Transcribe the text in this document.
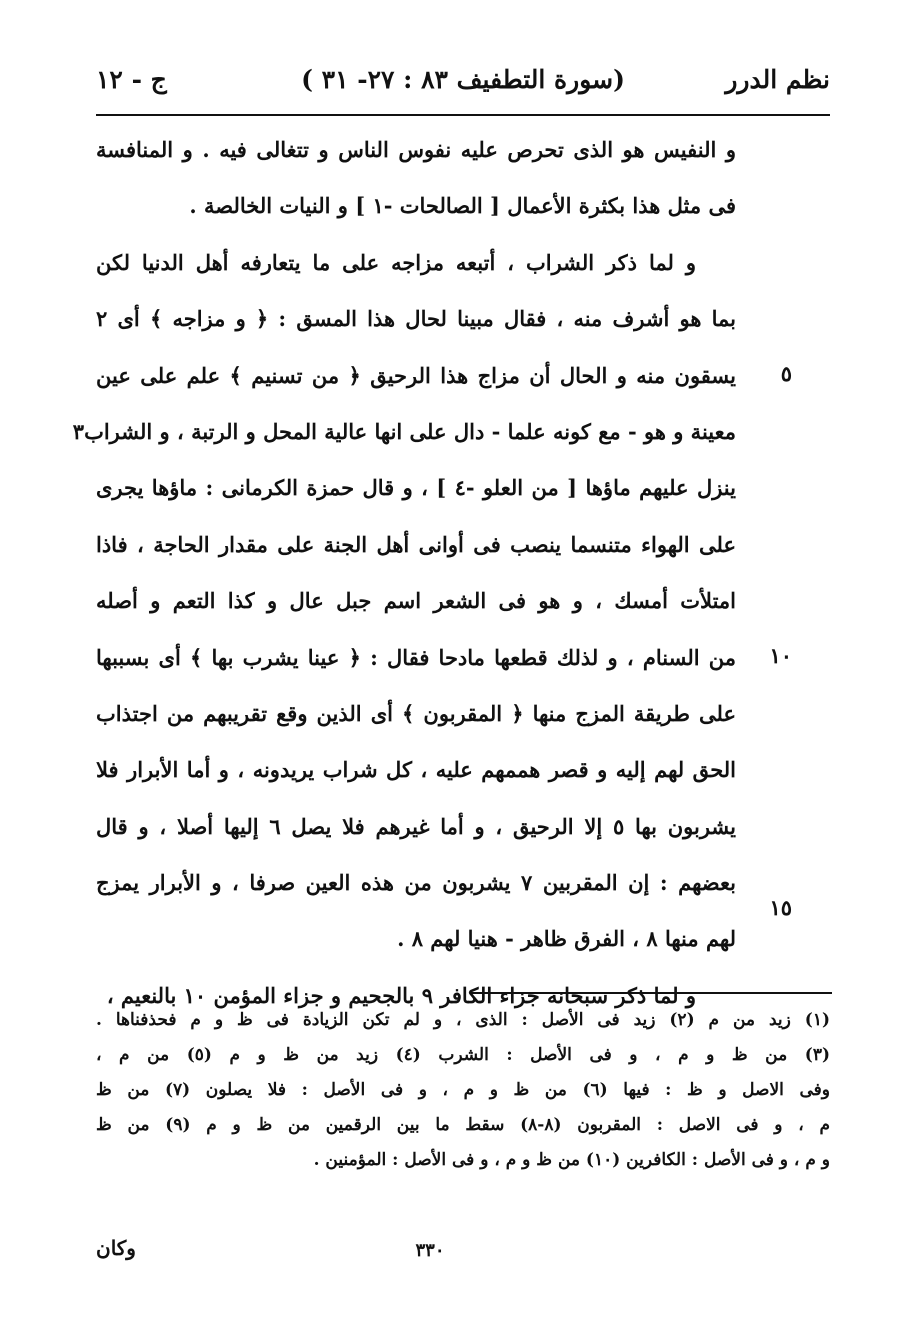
نظم الدرر
(سورة التطفيف ٨٣ : ٢٧- ٣١ )
ج - ١٢
و النفيس هو الذى تحرص عليه نفوس الناس و تتغالى فيه . و المنافسة
فى مثل هذا بكثرة الأعمال [ الصالحات -١ ] و النيات الخالصة .
و لما ذكر الشراب ، أتبعه مزاجه على ما يتعارفه أهل الدنيا لكن
بما هو أشرف منه ، فقال مبينا لحال هذا المسق : ﴿ و مزاجه ﴾ أى ٢
يسقون منه و الحال أن مزاج هذا الرحيق ﴿ من تسنيم ﴾ علم على عين
معينة و هو - مع كونه علما - دال على انها عالية المحل و الرتبة ، و الشراب٣
ينزل عليهم ماؤها [ من العلو -٤ ] ، و قال حمزة الكرمانى : ماؤها يجرى
على الهواء متنسما ينصب فى أوانى أهل الجنة على مقدار الحاجة ، فاذا
امتلأت أمسك ، و هو فى الشعر اسم جبل عال و كذا التعم و أصله
من السنام ، و لذلك قطعها مادحا فقال : ﴿ عينا يشرب بها ﴾ أى بسببها
على طريقة المزج منها ﴿ المقربون ﴾ أى الذين وقع تقريبهم من اجتذاب
الحق لهم إليه و قصر هممهم عليه ، كل شراب يريدونه ، و أما الأبرار فلا
يشربون بها ٥ إلا الرحيق ، و أما غيرهم فلا يصل ٦ إليها أصلا ، و قال
بعضهم : إن المقربين ٧ يشربون من هذه العين صرفا ، و الأبرار يمزج
لهم منها ٨ ، الفرق ظاهر - هنيا لهم ٨ .
و لما ذكر سبحانه جزاء الكافر ٩ بالجحيم و جزاء المؤمن ١٠ بالنعيم ،
٥
١٠
١٥
(١) زيد من م (٢) زيد فى الأصل : الذى ، و لم تكن الزيادة فى ظ و م فحذفناها .
(٣) من ظ و م ، و فى الأصل : الشرب (٤) زيد من ظ و م (٥) من م ،
وفى الاصل و ظ : فيها (٦) من ظ و م ، و فى الأصل : فلا يصلون (٧) من ظ
م ، و فى الاصل : المقربون (٨-٨) سقط ما بين الرقمين من ظ و م (٩) من ظ
و م ، و فى الأصل : الكافرين (١٠) من ظ و م ، و فى الأصل : المؤمنين .
٣٣٠
وكان
